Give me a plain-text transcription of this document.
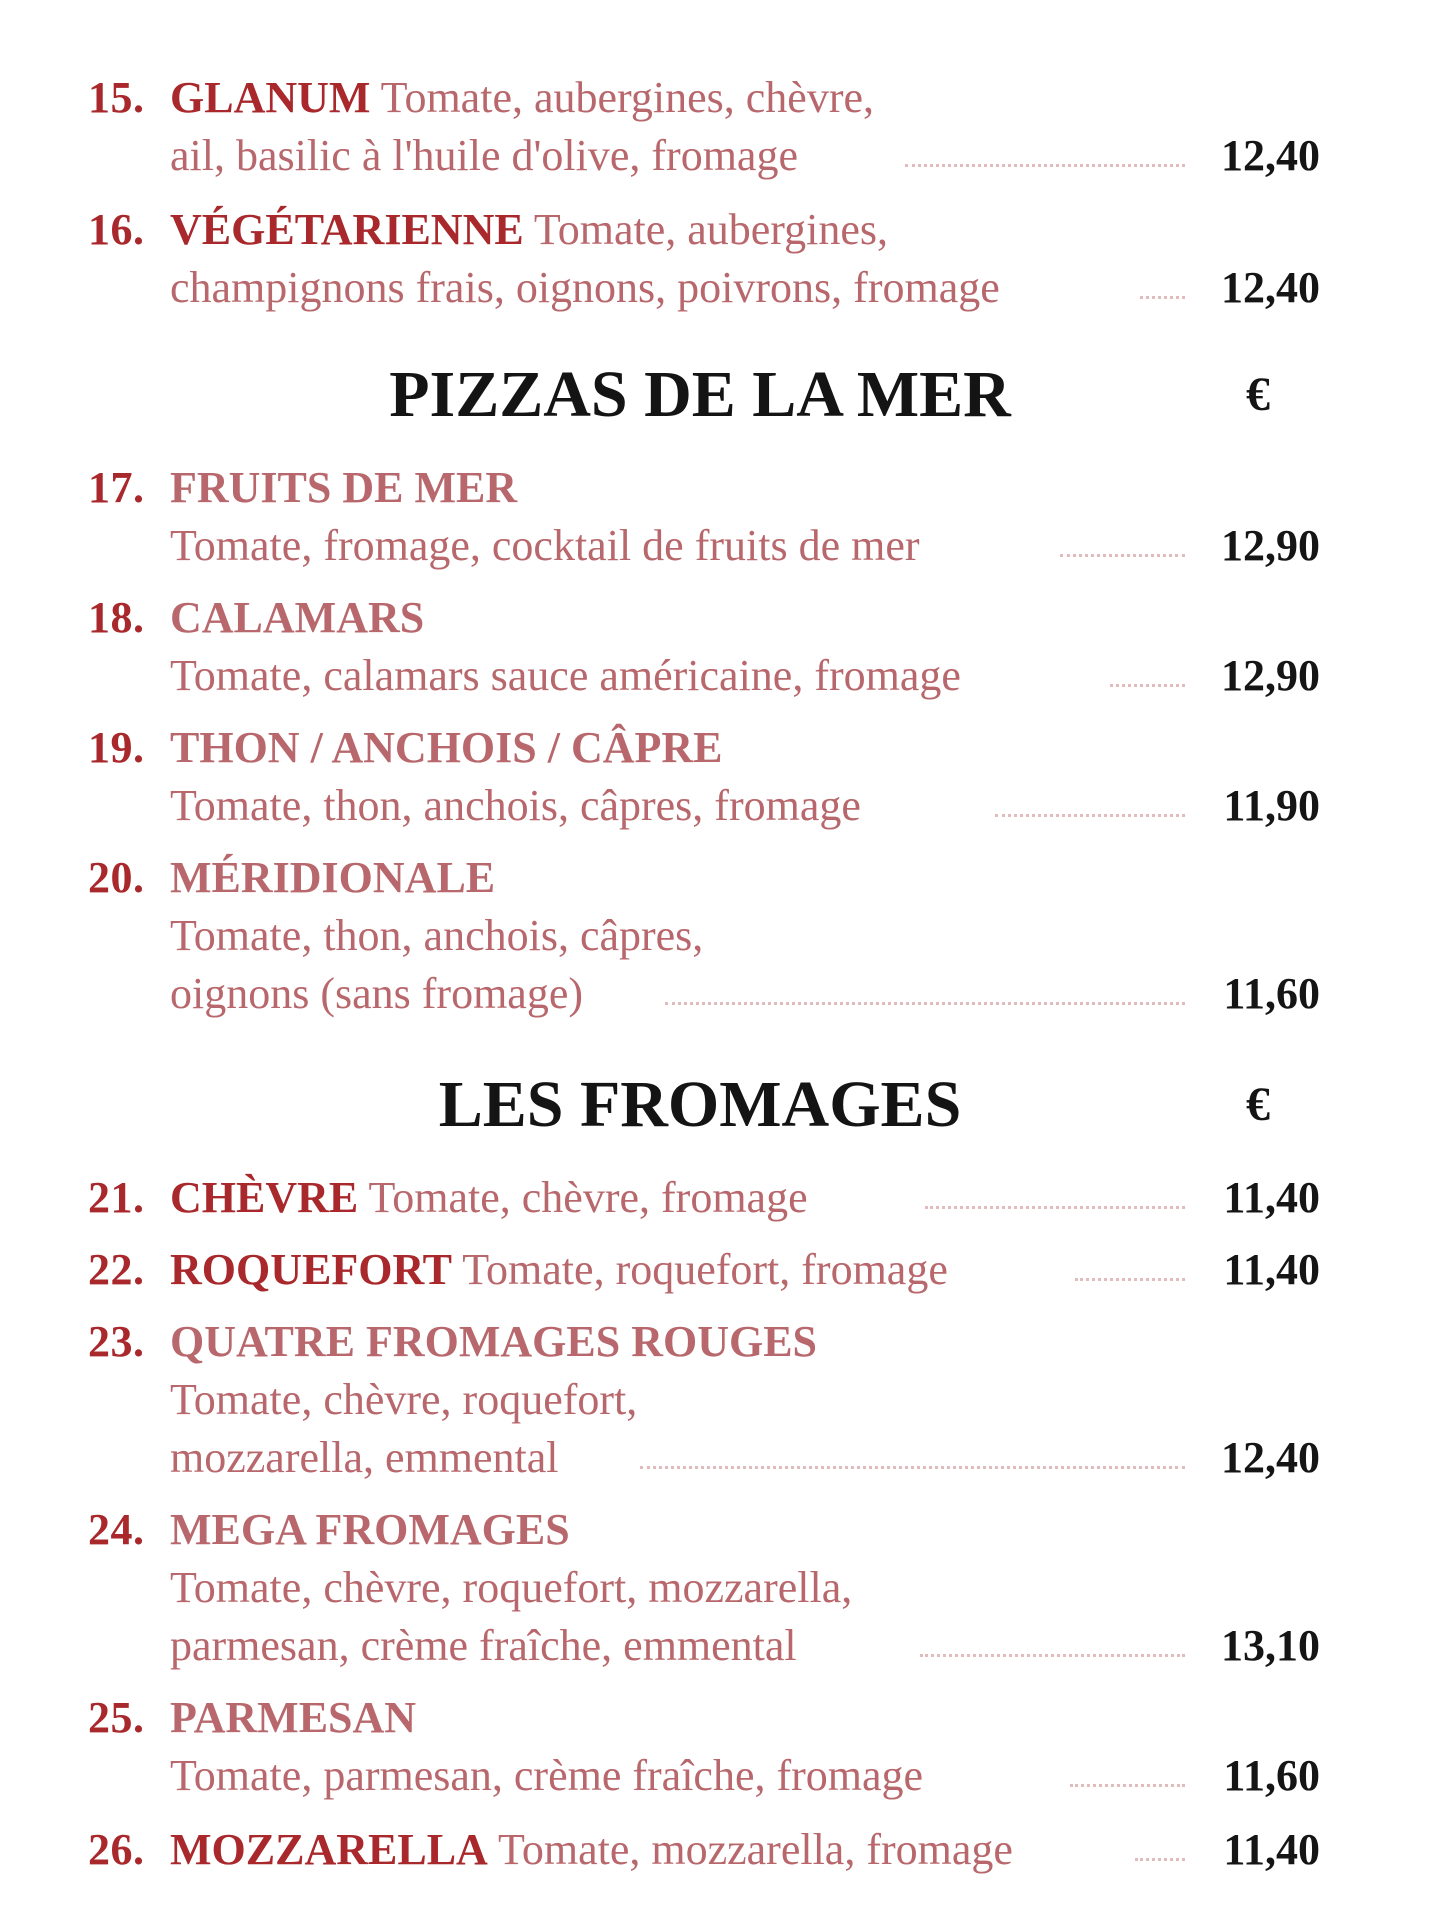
15. GLANUM Tomate, aubergines, chèvre,
ail, basilic à l'huile d'olive, fromage	12,40
16. VÉGÉTARIENNE Tomate, aubergines,
champignons frais, oignons, poivrons, fromage	12,40
PIZZAS DE LA MER	€
17. FRUITS DE MER
Tomate, fromage, cocktail de fruits de mer	12,90
18. CALAMARS
Tomate, calamars sauce américaine, fromage	12,90
19. THON / ANCHOIS / CÂPRE
Tomate, thon, anchois, câpres, fromage	11,90
20. MÉRIDIONALE
Tomate, thon, anchois, câpres,
oignons (sans fromage)	11,60
LES FROMAGES	€
21. CHÈVRE Tomate, chèvre, fromage	11,40
22. ROQUEFORT Tomate, roquefort, fromage	11,40
23. QUATRE FROMAGES ROUGES
Tomate, chèvre, roquefort,
mozzarella, emmental	12,40
24. MEGA FROMAGES
Tomate, chèvre, roquefort, mozzarella,
parmesan, crème fraîche, emmental	13,10
25. PARMESAN
Tomate, parmesan, crème fraîche, fromage	11,60
26. MOZZARELLA Tomate, mozzarella, fromage	11,40
